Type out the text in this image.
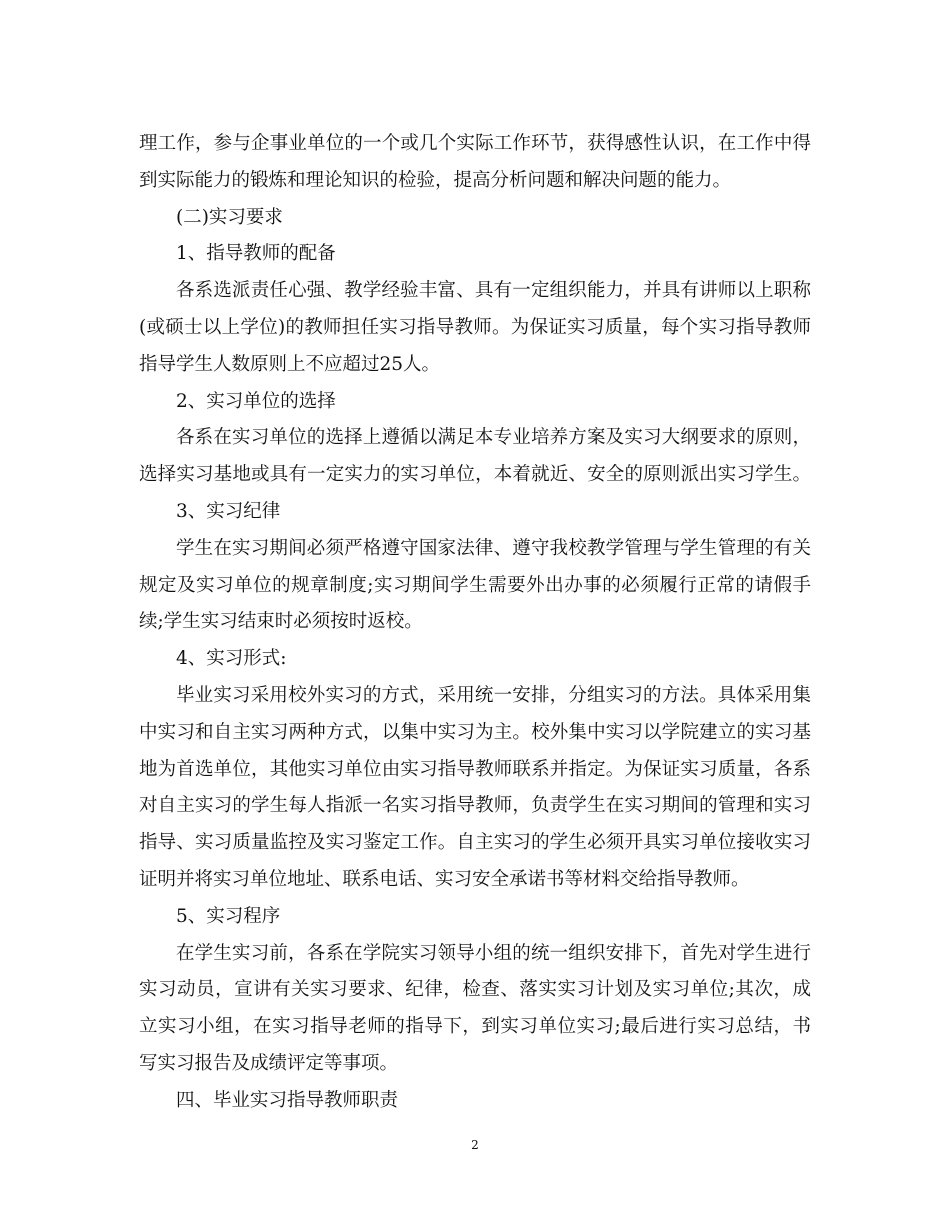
理工作，参与企事业单位的一个或几个实际工作环节，获得感性认识，在工作中得
到实际能力的锻炼和理论知识的检验，提高分析问题和解决问题的能力。
(二)实习要求
1、指导教师的配备
各系选派责任心强、教学经验丰富、具有一定组织能力，并具有讲师以上职称
(或硕士以上学位)的教师担任实习指导教师。为保证实习质量，每个实习指导教师
指导学生人数原则上不应超过25人。
2、实习单位的选择
各系在实习单位的选择上遵循以满足本专业培养方案及实习大纲要求的原则，
选择实习基地或具有一定实力的实习单位，本着就近、安全的原则派出实习学生。
3、实习纪律
学生在实习期间必须严格遵守国家法律、遵守我校教学管理与学生管理的有关
规定及实习单位的规章制度;实习期间学生需要外出办事的必须履行正常的请假手
续;学生实习结束时必须按时返校。
4、实习形式:
毕业实习采用校外实习的方式，采用统一安排，分组实习的方法。具体采用集
中实习和自主实习两种方式，以集中实习为主。校外集中实习以学院建立的实习基
地为首选单位，其他实习单位由实习指导教师联系并指定。为保证实习质量，各系
对自主实习的学生每人指派一名实习指导教师，负责学生在实习期间的管理和实习
指导、实习质量监控及实习鉴定工作。自主实习的学生必须开具实习单位接收实习
证明并将实习单位地址、联系电话、实习安全承诺书等材料交给指导教师。
5、实习程序
在学生实习前，各系在学院实习领导小组的统一组织安排下，首先对学生进行
实习动员，宣讲有关实习要求、纪律，检查、落实实习计划及实习单位;其次，成
立实习小组，在实习指导老师的指导下，到实习单位实习;最后进行实习总结，书
写实习报告及成绩评定等事项。
四、毕业实习指导教师职责
2
